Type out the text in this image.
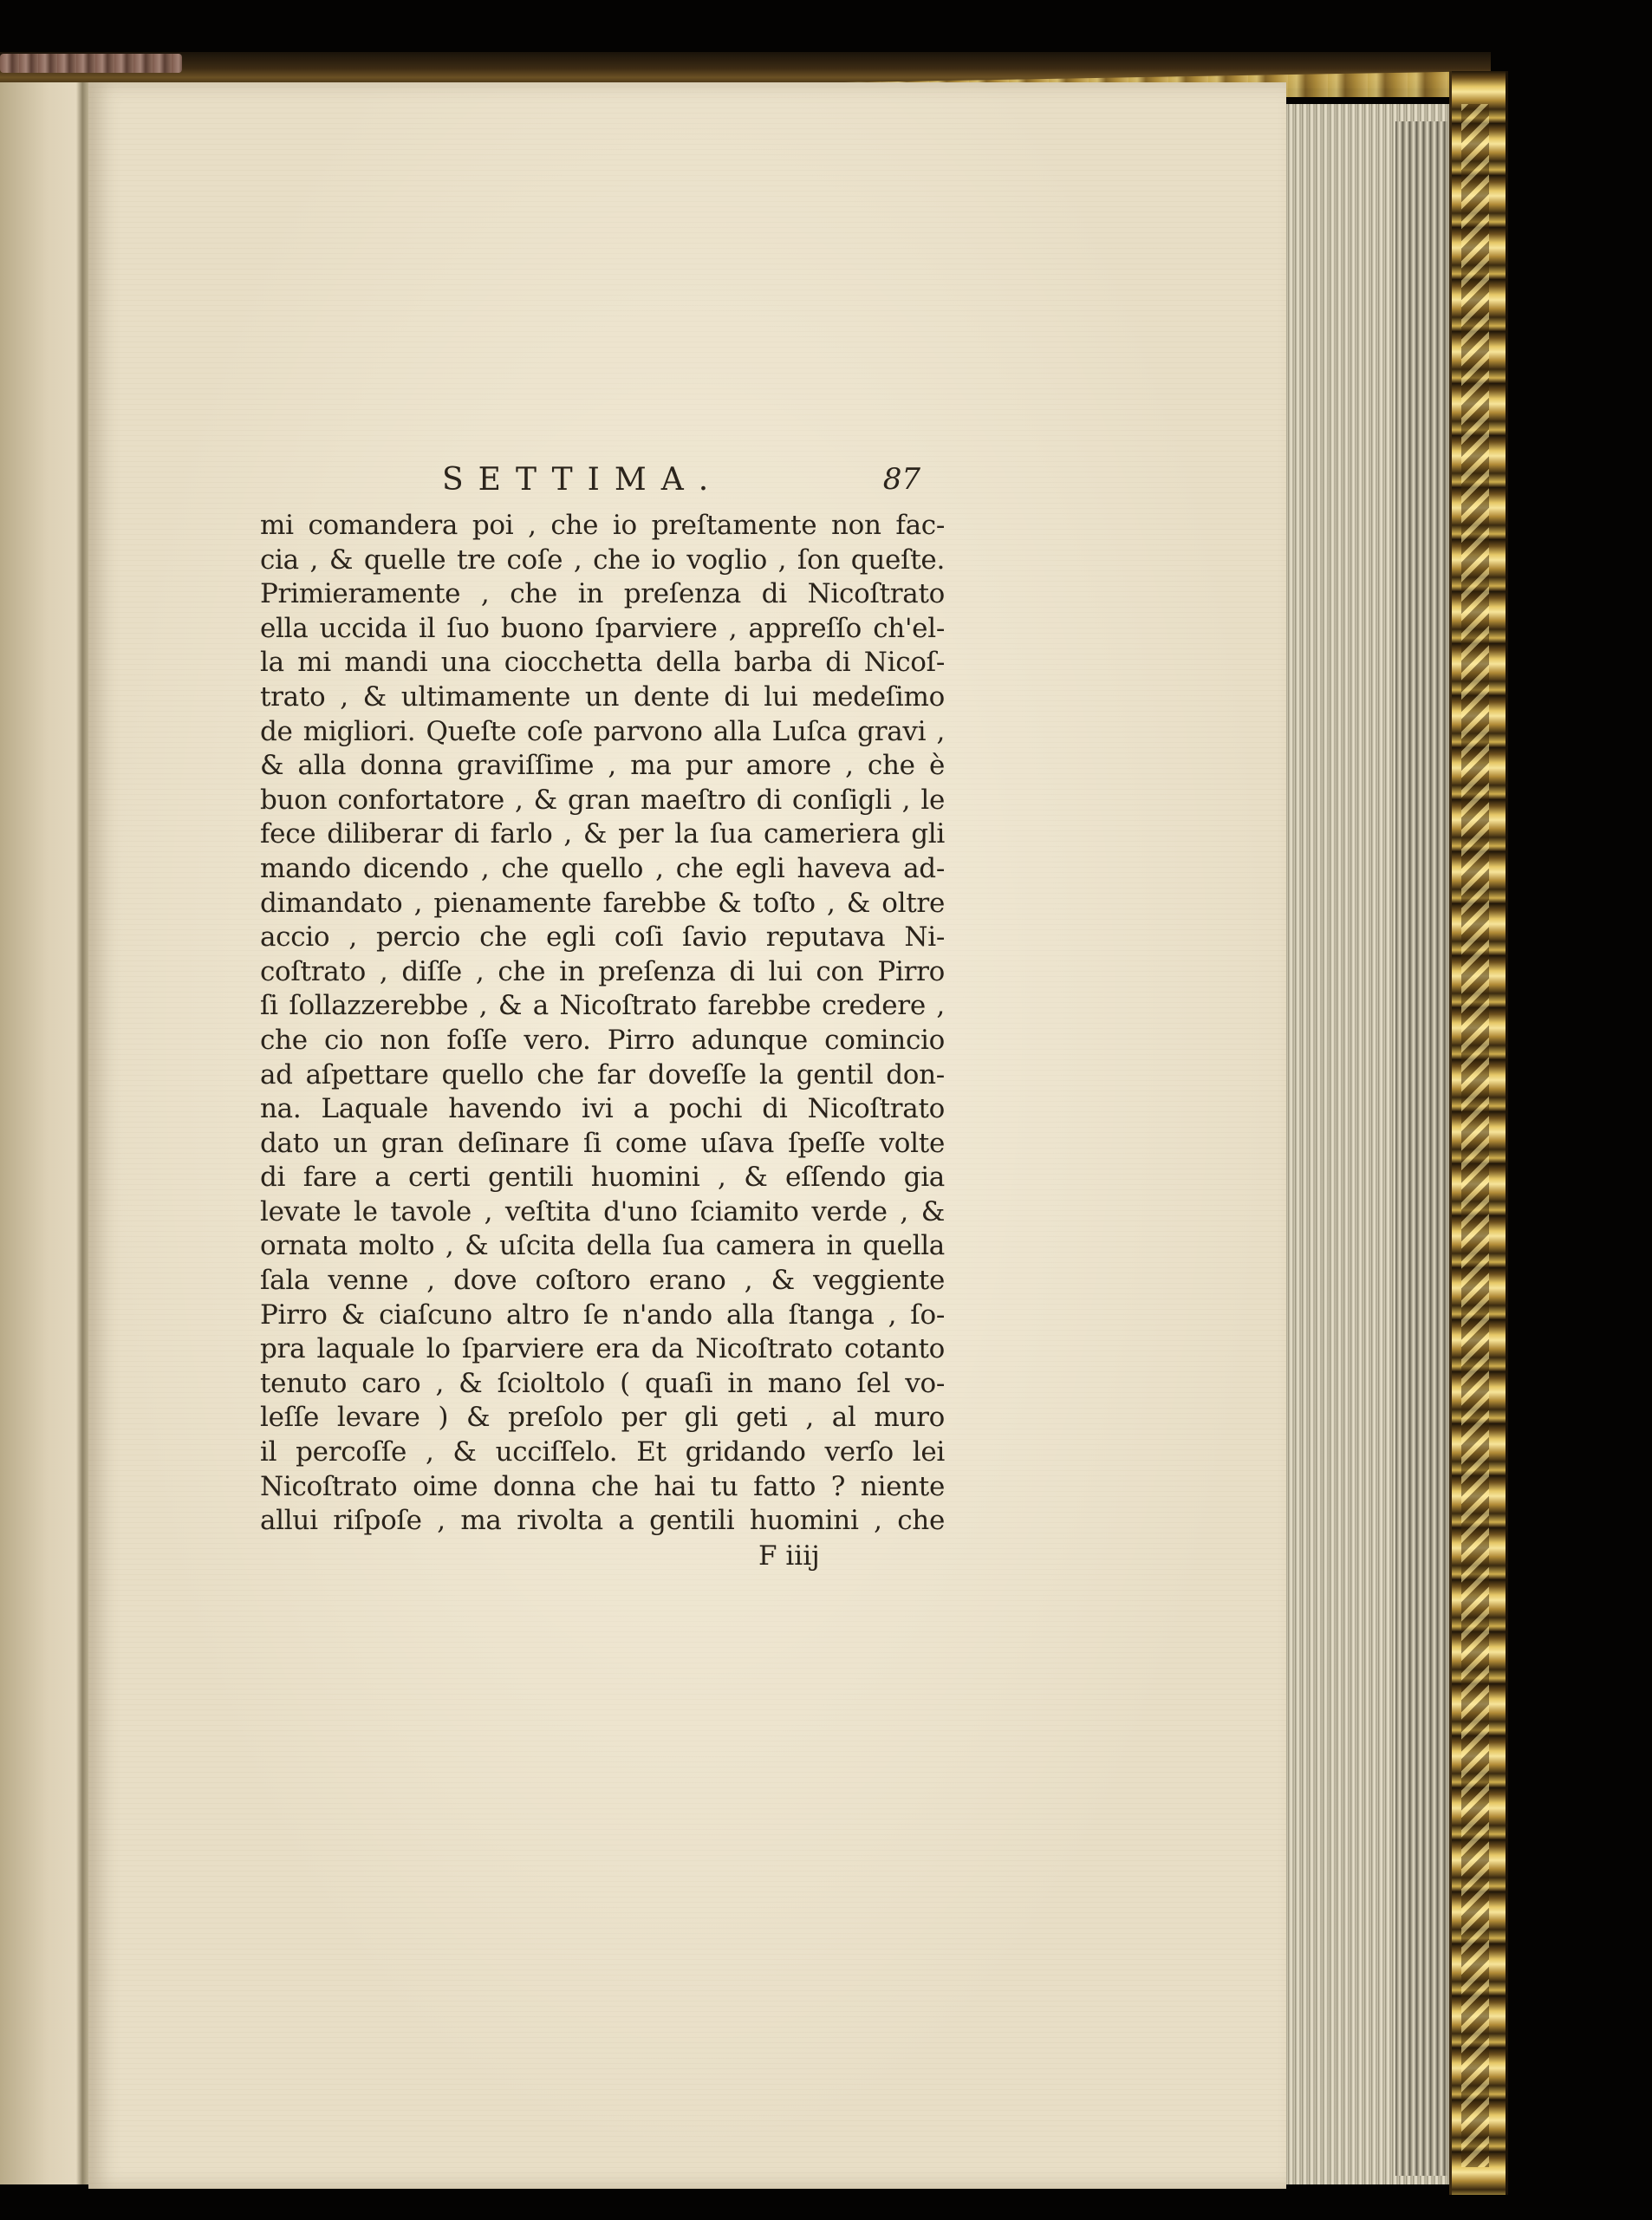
SETTIMA.	87
mi comandera poi , che io preſtamente non fac-
cia , & quelle tre coſe , che io voglio , ſon queſte.
Primieramente , che in preſenza di Nicoſtrato
ella uccida il ſuo buono ſparviere , appreſſo ch'el-
la mi mandi una ciocchetta della barba di Nicoſ-
trato , & ultimamente un dente di lui medeſimo
de migliori. Queſte coſe parvono alla Luſca gravi ,
& alla donna graviſſime , ma pur amore , che è
buon confortatore , & gran maeſtro di conſigli , le
fece diliberar di farlo , & per la ſua cameriera gli
mando dicendo , che quello , che egli haveva ad-
dimandato , pienamente farebbe & toſto , & oltre
accio , percio che egli coſi ſavio reputava Ni-
coſtrato , diſſe , che in preſenza di lui con Pirro
ſi ſollazzerebbe , & a Nicoſtrato farebbe credere ,
che cio non foſſe vero. Pirro adunque comincio
ad aſpettare quello che far doveſſe la gentil don-
na. Laquale havendo ivi a pochi di Nicoſtrato
dato un gran deſinare ſi come uſava ſpeſſe volte
di fare a certi gentili huomini , & eſſendo gia
levate le tavole , veſtita d'uno ſciamito verde , &
ornata molto , & uſcita della ſua camera in quella
ſala venne , dove coſtoro erano , & veggiente
Pirro & ciaſcuno altro ſe n'ando alla ſtanga , ſo-
pra laquale lo ſparviere era da Nicoſtrato cotanto
tenuto caro , & ſcioltolo ( quaſi in mano ſel vo-
leſſe levare ) & preſolo per gli geti , al muro
il percoſſe , & ucciſſelo. Et gridando verſo lei
Nicoſtrato oime donna che hai tu fatto ? niente
allui riſpoſe , ma rivolta a gentili huomini , che
F iiij
